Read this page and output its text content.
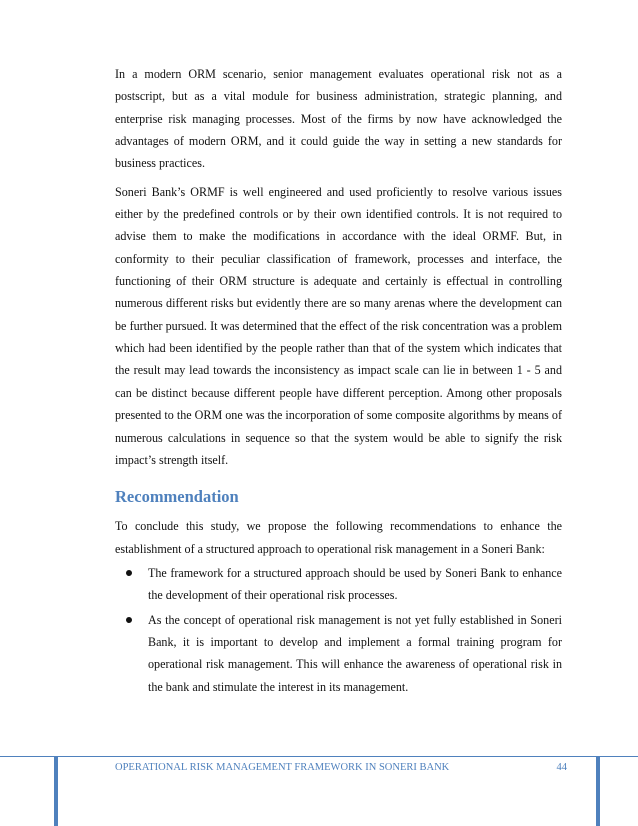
In a modern ORM scenario, senior management evaluates operational risk not as a postscript, but as a vital module for business administration, strategic planning, and enterprise risk managing processes. Most of the firms by now have acknowledged the advantages of modern ORM, and it could guide the way in setting a new standards for business practices.

Soneri Bank’s ORMF is well engineered and used proficiently to resolve various issues either by the predefined controls or by their own identified controls. It is not required to advise them to make the modifications in accordance with the ideal ORMF. But, in conformity to their peculiar classification of framework, processes and interface, the functioning of their ORM structure is adequate and certainly is effectual in controlling numerous different risks but evidently there are so many arenas where the development can be further pursued. It was determined that the effect of the risk concentration was a problem which had been identified by the people rather than that of the system which indicates that the result may lead towards the inconsistency as impact scale can lie in between 1 - 5 and can be distinct because different people have different perception. Among other proposals presented to the ORM one was the incorporation of some composite algorithms by means of numerous calculations in sequence so that the system would be able to signify the risk impact’s strength itself.

Recommendation

To conclude this study, we propose the following recommendations to enhance the establishment of a structured approach to operational risk management in a Soneri Bank:

The framework for a structured approach should be used by Soneri Bank to enhance the development of their operational risk processes.
As the concept of operational risk management is not yet fully established in Soneri Bank, it is important to develop and implement a formal training program for operational risk management. This will enhance the awareness of operational risk in the bank and stimulate the interest in its management.
OPERATIONAL RISK MANAGEMENT FRAMEWORK IN SONERI BANK	44
